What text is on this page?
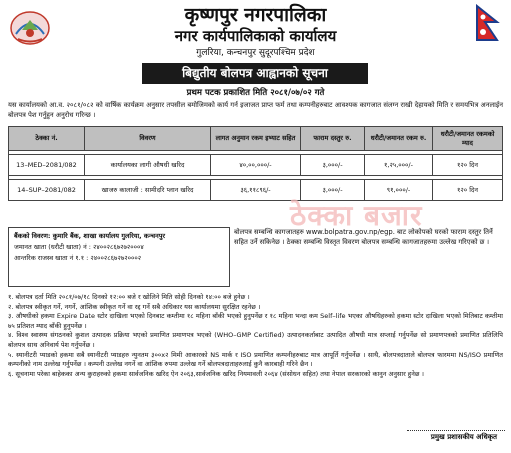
कृष्णपुर नगरपालिका
नगर कार्यपालिकाको कार्यालय
गुलरिया, कन्चनपुर सुदूरपश्चिम प्रदेश
बिद्युतीय बोलपत्र आह्वानको सूचना
प्रथम पटक प्रकाशित मिति २०८१/०७/०२ गते
यस कार्यालयको आ.व. २०८१/०८२ को वार्षिक कार्यक्रम अनुसार तपसील बमोजिमको कार्य गर्न इजाजत प्राप्त फर्म तथा कम्पनीहरुबाट आवश्यक कागजात संलग्न राखी देहायको मिति र समयभित्र अनलाईन बोलपत्र पेश गर्नुहुन अनुरोध गरिन्छ ।
ठेक्का नं.	विवरण	लागत अनुमान रकम इभ्याट सहित	फाराम दस्तुर रु.	धरौटी/जमानत रकम रु.	धरौटी/जमानत रकमको म्याद

13–MED–2081/082	कार्यालयका लागी औषधी खरिद	४०,००,०००/-	३,०००/-	१,२५,०००/-	१२० दिन

14–SUP–2081/082	खाजरु कालाजी : सामीदरि प्लान खरिद	३६,११८९६/-	३,०००/-	९१,०००/-	१२० दिन
ठेक्का बजार
बैंकको विवरण: कुमारि बैंक, शाखा कार्यालय गुलरिया, कन्चनपुर
जमानत खाता (धरौटी खाता) नं : २४००२८६७२७२०००४
आन्तरिक राजस्व खाता नं १.१ : २४००२८६७२७२०००२
बोलपत्र सम्बन्धि कागजातहरु www.bolpatra.gov.np/egp. बाट लोकोपको घरको फाराम दस्तुर तिर्ने सहित उर्ने सकिनेछ । ठेक्का सम्बन्धि विस्तृत विवरण बोलपत्र सम्बन्धि कागजातहरुमा उल्लेख गरिएको छ ।
१. बोलपत्र दर्ता मिति २०८१/०७/१८ दिनको १२:०० बजे र खोलिने मिति सोही दिनको १४:०० बजे हुनेछ ।
२. बोलपत्र स्वीकृत गर्ने, नगर्ने, आंशिक स्वीकृत गर्ने वा रद्द गर्ने सबै अधिकार यस कार्यालयमा सुरक्षित रहनेछ ।
३. औषधीको हकमा Expire Date स्टोर दाखिला भएको दिनबाट कम्तीमा १८ महिना बाँकी भएको हुनुपर्नेछ र १८ महिना भन्दा कम Self–life भएका औषधिहरुको हकमा स्टोर दाखिला भएको मितिबाट कम्तीमा ७५ प्रतिशत म्याद बाँकी हुनुपर्नेछ ।
४. विश्व स्वास्थ्य संगठनको कुशल उत्पादक प्रक्रिया भएको प्रमाणित प्रमाणपत्र भएको (WHO–GMP Certified) उत्पादनकर्ताबाट उत्पादित औषधी मात्र सप्लाई गर्नुपर्नेछ सो प्रमाणपत्रको प्रमाणित प्रतिलिपि बोलपत्र साथ अनिवार्य पेश गर्नुपर्नेछ ।
५. स्यानीटरी प्याडको हकमा सबै स्यानीटरी प्याडहरु न्युनतम ३००x२ मिमी आकारको NS मार्क र ISO प्रमाणित कम्पनीहरुबाट मात्र आपूर्ति गर्नुपर्नेछ । साथै, बोलपत्रदाताले बोलपत्र फारममा NS/ISO प्रमाणित कम्पनीको नाम उल्लेख गर्नुपर्नेछ । कम्पनी उल्लेख नगर्ने वा आंशिक रुपमा उल्लेख गर्ने बोलपत्रदाताहरुलाई कुनै कारबाही गरिने छैन ।
६. सूचनामा परेका बाहेकका अन्य कुराहरुको हकमा सार्वजनिक खरिद ऐन २०६३,सार्वजनिक खरिद नियमावली २०६४ (संसोधन सहित) तथा नेपाल सरकारको कानुन अनुसार हुनेछ ।
प्रमुख प्रशासकीय अधिकृत
